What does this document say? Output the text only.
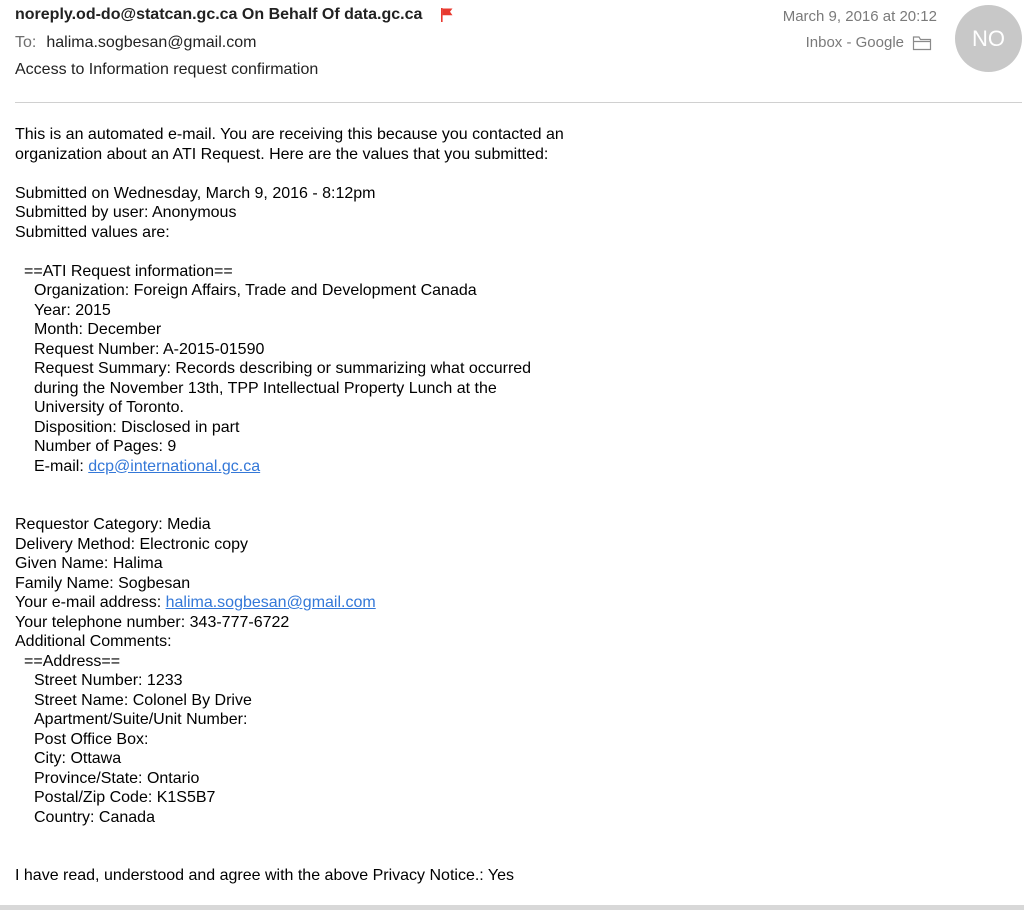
noreply.od-do@statcan.gc.ca On Behalf Of data.gc.ca
To: halima.sogbesan@gmail.com
Access to Information request confirmation
March 9, 2016 at 20:12
Inbox - Google	NO
This is an automated e-mail. You are receiving this because you contacted an
organization about an ATI Request. Here are the values that you submitted:
Submitted on Wednesday, March 9, 2016 - 8:12pm
Submitted by user: Anonymous
Submitted values are:
==ATI Request information==
Organization: Foreign Affairs, Trade and Development Canada
Year: 2015
Month: December
Request Number: A-2015-01590
Request Summary: Records describing or summarizing what occurred
during the November 13th, TPP Intellectual Property Lunch at the
University of Toronto.
Disposition: Disclosed in part
Number of Pages: 9
E-mail: dcp@international.gc.ca
Requestor Category: Media
Delivery Method: Electronic copy
Given Name: Halima
Family Name: Sogbesan
Your e-mail address: halima.sogbesan@gmail.com
Your telephone number: 343-777-6722
Additional Comments:
==Address==
Street Number: 1233
Street Name: Colonel By Drive
Apartment/Suite/Unit Number:
Post Office Box:
City: Ottawa
Province/State: Ontario
Postal/Zip Code: K1S5B7
Country: Canada
I have read, understood and agree with the above Privacy Notice.: Yes
